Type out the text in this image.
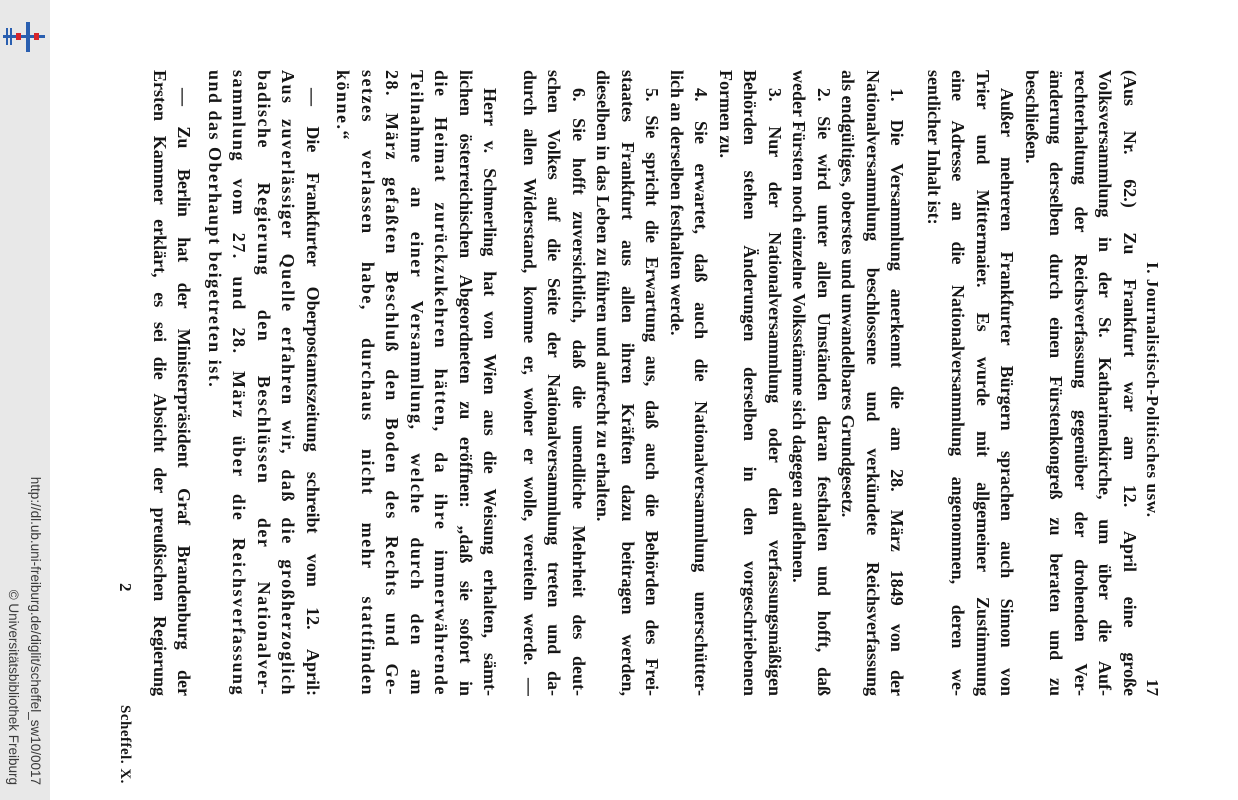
http://dl.ub.uni-freiburg.de/diglit/scheffel_sw10/0017
© Universitätsbibliothek Freiburg
I. Journalistisch-Politisches usw.
17
(Aus Nr. 62.) Zu Frankfurt war am 12. April eine große
Volksversammlung in der St. Katharinenkirche, um über die Auf-
rechterhaltung der Reichsverfassung gegenüber der drohenden Ver-
änderung derselben durch einen Fürstenkongreß zu beraten und zu
beschließen.
Außer mehreren Frankfurter Bürgern sprachen auch Simon von
Trier und Mittermaier. Es wurde mit allgemeiner Zustimmung
eine Adresse an die Nationalversammlung angenommen, deren we-
sentlicher Inhalt ist:
1. Die Versammlung anerkennt die am 28. März 1849 von der
Nationalversammlung beschlossene und verkündete Reichsverfassung
als endgültiges, oberstes und unwandelbares Grundgesetz.
2. Sie wird unter allen Umständen daran festhalten und hofft, daß
weder Fürsten noch einzelne Volksstämme sich dagegen auflehnen.
3. Nur der Nationalversammlung oder den verfassungsmäßigen
Behörden stehen Änderungen derselben in den vorgeschriebenen
Formen zu.
4. Sie erwartet, daß auch die Nationalversammlung unerschütter-
lich an derselben festhalten werde.
5. Sie spricht die Erwartung aus, daß auch die Behörden des Frei-
staates Frankfurt aus allen ihren Kräften dazu beitragen werden,
dieselben in das Leben zu führen und aufrecht zu erhalten.
6. Sie hofft zuversichtlich, daß die unendliche Mehrheit des deut-
schen Volkes auf die Seite der Nationalversammlung treten und da-
durch allen Widerstand, komme er, woher er wolle, vereiteln werde. —
Herr v. Schmerling hat von Wien aus die Weisung erhalten, sämt-
lichen österreichischen Abgeordneten zu eröffnen: „daß sie sofort in
die Heimat zurückzukehren hätten, da ihre immerwährende
Teilnahme an einer Versammlung, welche durch den am
28. März gefaßten Beschluß den Boden des Rechts und Ge-
setzes verlassen habe, durchaus nicht mehr stattfinden
könne.“
— Die Frankfurter Oberpostamtszeitung schreibt vom 12. April:
Aus zuverlässiger Quelle erfahren wir, daß die großherzoglich
badische Regierung den Beschlüssen der Nationalver-
sammlung vom 27. und 28. März über die Reichsverfassung
und das Oberhaupt beigetreten ist.
— Zu Berlin hat der Ministerpräsident Graf Brandenburg der
Ersten Kammer erklärt, es sei die Absicht der preußischen Regierung
2
Scheffel. X.
